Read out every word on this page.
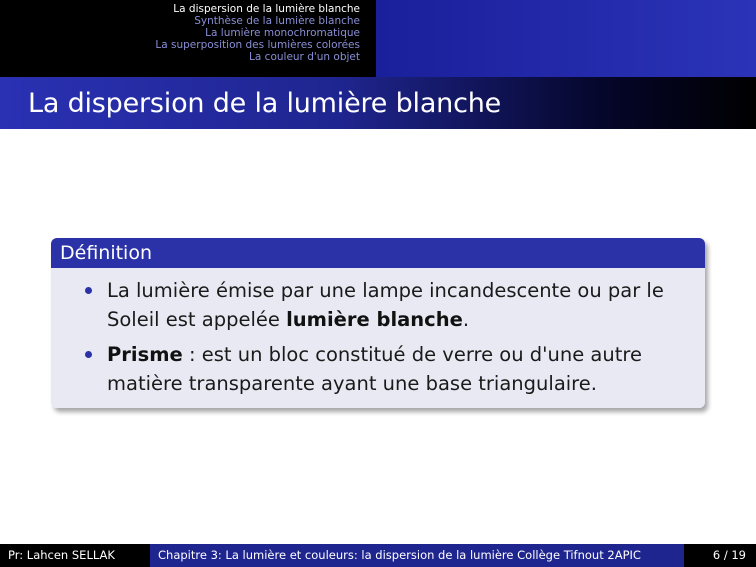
La dispersion de la lumière blanche
Synthèse de la lumière blanche
La lumière monochromatique
La superposition des lumières colorées
La couleur d'un objet
La dispersion de la lumière blanche
Définition
La lumière émise par une lampe incandescente ou par le Soleil est appelée lumière blanche.
Prisme : est un bloc constitué de verre ou d'une autre matière transparente ayant une base triangulaire.
Pr: Lahcen SELLAK	Chapitre 3: La lumière et couleurs: la dispersion de la lumière Collège Tifnout 2APIC	6 / 19
